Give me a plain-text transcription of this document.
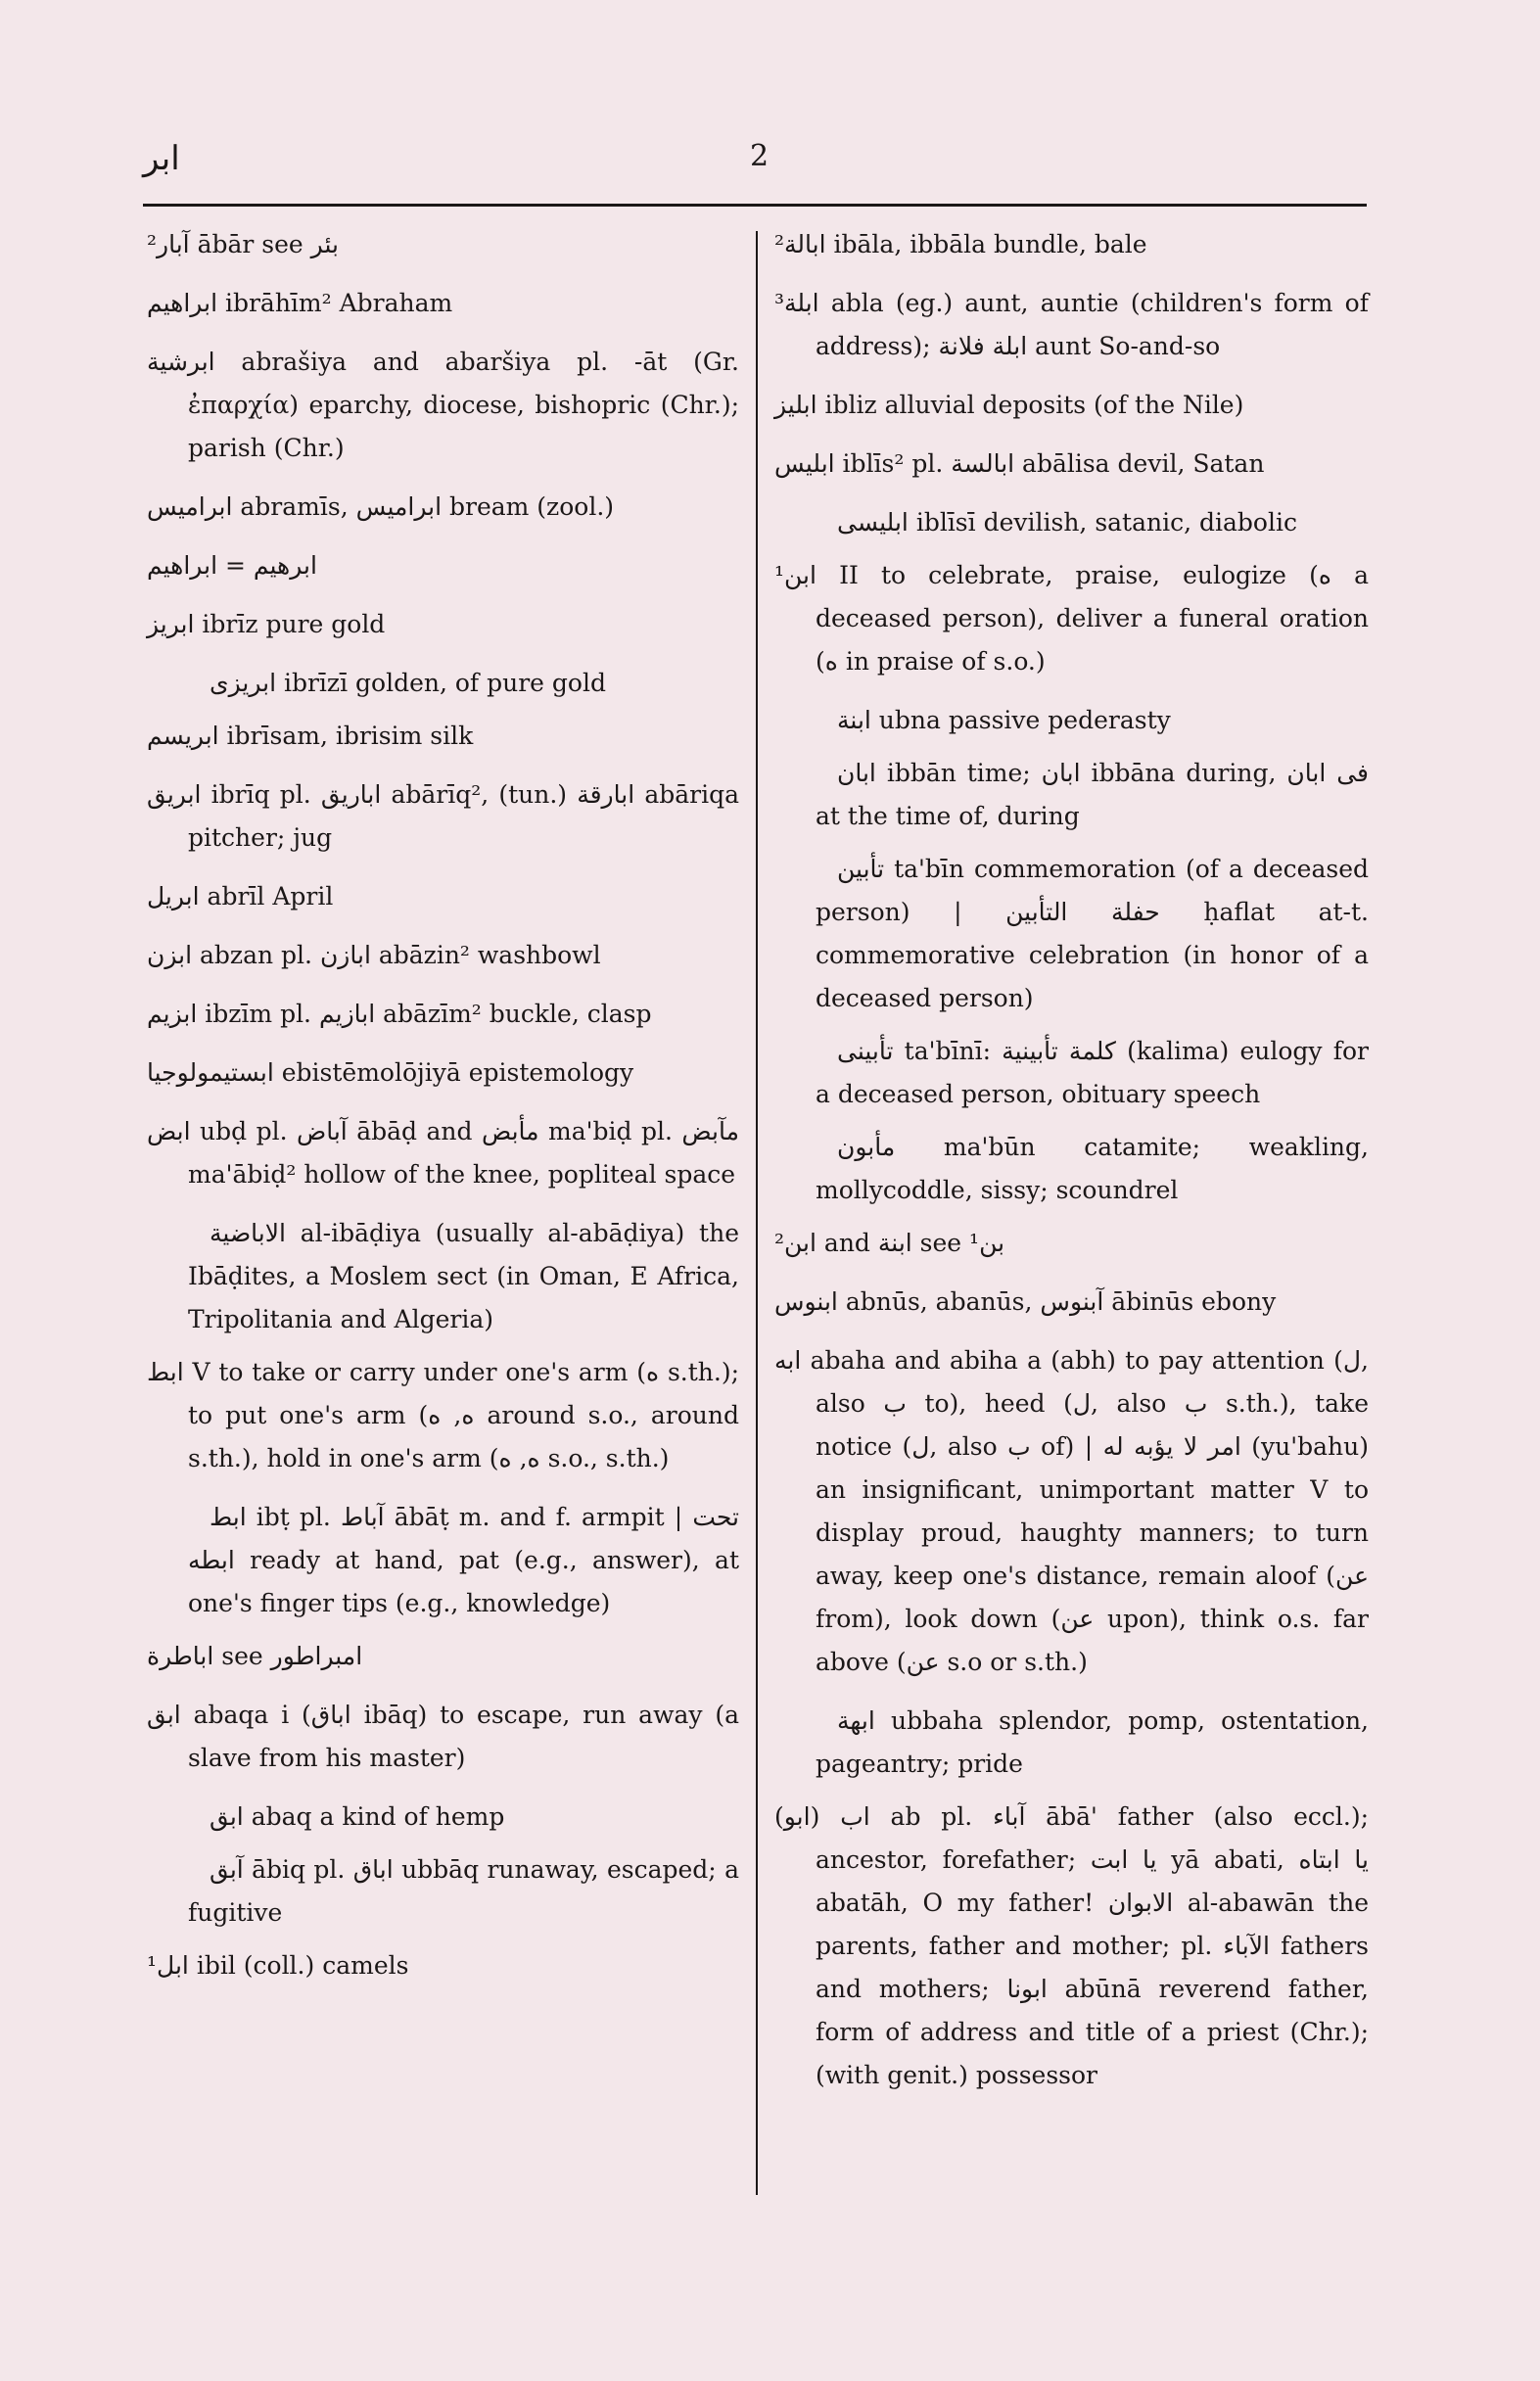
ابر	2

²آبار ābār see بئر

ابراهيم ibrāhīm² Abraham

ابرشية abrašiya and abaršiya pl. -āt (Gr. ἐπαρχία) eparchy, diocese, bishopric (Chr.); parish (Chr.)

ابراميس abramīs, ابراميس bream (zool.)

ابرهيم = ابراهيم

ابريز ibrīz pure gold

ابريزى ibrīzī golden, of pure gold

ابريسم ibrīsam, ibrisim silk

ابريق ibrīq pl. اباريق abārīq², (tun.) ابارقة abāriqa pitcher; jug

ابريل abrīl April

ابزن abzan pl. ابازن abāzin² washbowl

ابزيم ibzīm pl. ابازيم abāzīm² buckle, clasp

ابستيمولوجيا ebistēmolōjiyā epistemology

ابض ubḍ pl. آباض ābāḍ and مأبض ma'biḍ pl. مآبض ma'ābiḍ² hollow of the knee, popliteal space

الاباضية al-ibāḍiya (usually al-abāḍiya) the Ibāḍites, a Moslem sect (in Oman, E Africa, Tripolitania and Algeria)

ابط V to take or carry under one's arm (ه s.th.); to put one's arm (ه, ه around s.o., around s.th.), hold in one's arm (ه, ه s.o., s.th.)

ابط ibṭ pl. آباط ābāṭ m. and f. armpit | تحت ابطه ready at hand, pat (e.g., answer), at one's finger tips (e.g., knowledge)

اباطرة see امبراطور

ابق abaqa i (اباق ibāq) to escape, run away (a slave from his master)

ابق abaq a kind of hemp

آبق ābiq pl. اباق ubbāq runaway, escaped; a fugitive

¹ابل ibil (coll.) camels

²ابالة ibāla, ibbāla bundle, bale

³ابلة abla (eg.) aunt, auntie (children's form of address); ابلة فلانة aunt So-and-so

ابليز ibliz alluvial deposits (of the Nile)

ابليس iblīs² pl. ابالسة abālisa devil, Satan

ابليسى iblīsī devilish, satanic, diabolic

¹ابن II to celebrate, praise, eulogize (ه a deceased person), deliver a funeral oration (ه in praise of s.o.)

ابنة ubna passive pederasty

ابان ibbān time; ابان ibbāna during, فى ابان at the time of, during

تأبين ta'bīn commemoration (of a deceased person) | حفلة التأبين ḥaflat at-t. commemorative celebration (in honor of a deceased person)

تأبينى ta'bīnī: كلمة تأبينية (kalima) eulogy for a deceased person, obituary speech

مأبون ma'būn catamite; weakling, mollycoddle, sissy; scoundrel

²ابن and ابنة see ¹بن

ابنوس abnūs, abanūs, آبنوس ābinūs ebony

ابه abaha and abiha a (abh) to pay attention (ل, also ب to), heed (ل, also ب s.th.), take notice (ل, also ب of) | امر لا يؤبه له (yu'bahu) an insignificant, unimportant matter V to display proud, haughty manners; to turn away, keep one's distance, remain aloof (عن from), look down (عن upon), think o.s. far above (عن s.o or s.th.)

ابهة ubbaha splendor, pomp, ostentation, pageantry; pride

(ابو) اب ab pl. آباء ābā' father (also eccl.); ancestor, forefather; يا ابت yā abati, يا ابتاه abatāh, O my father! الابوان al-abawān the parents, father and mother; pl. الآباء fathers and mothers; ابونا abūnā reverend father, form of address and title of a priest (Chr.); (with genit.) possessor
